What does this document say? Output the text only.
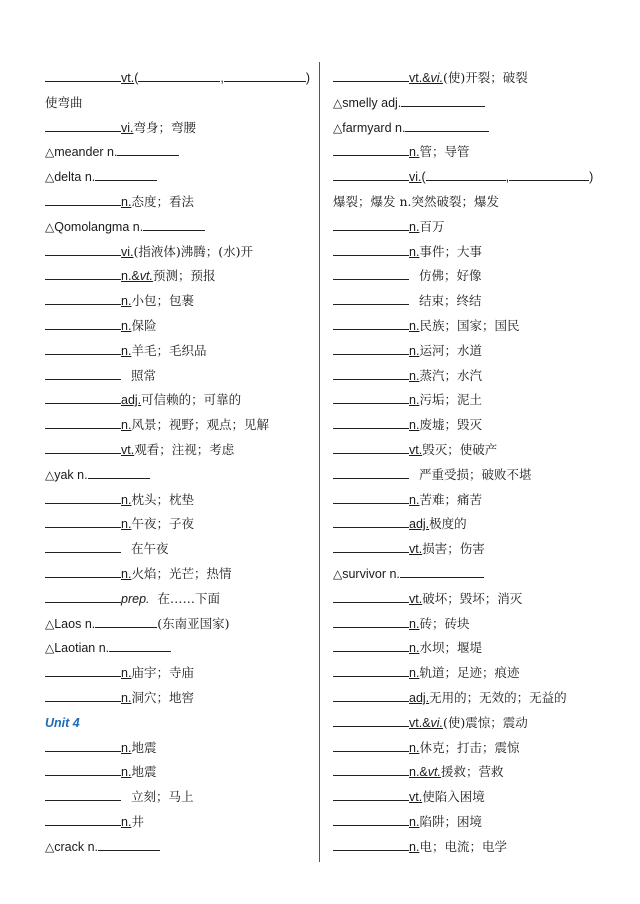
vt.(	,	)
使弯曲
vi.弯身；弯腰
△meander n.
△delta n.
n.态度；看法
△Qomolangma n.
vi.(指液体)沸腾；(水)开
n.&vt.预测；预报
n.小包；包裹
n.保险
n.羊毛；毛织品
照常
adj.可信赖的；可靠的
n.风景；视野；观点；见解
vt.观看；注视；考虑
△yak n.
n.枕头；枕垫
n.午夜；子夜
在午夜
n.火焰；光芒；热情
prep. 在……下面
△Laos n.	(东南亚国家)
△Laotian n.
n.庙宇；寺庙
n.洞穴；地窖
Unit 4
n.地震
n.地震
立刻；马上
n.井
△crack n.
vt.&vi.(使)开裂；破裂
△smelly adj.
△farmyard n.
n.管；导管
vi.(	,	)
爆裂；爆发 n.突然破裂；爆发
n.百万
n.事件；大事
仿佛；好像
结束；终结
n.民族；国家；国民
n.运河；水道
n.蒸汽；水汽
n.污垢；泥土
n.废墟；毁灭
vt.毁灭；使破产
严重受损；破败不堪
n.苦难；痛苦
adj.极度的
vt.损害；伤害
△survivor n.
vt.破坏；毁坏；消灭
n.砖；砖块
n.水坝；堰堤
n.轨道；足迹；痕迹
adj.无用的；无效的；无益的
vt.&vi.(使)震惊；震动
n.休克；打击；震惊
n.&vt.援救；营救
vt.使陷入困境
n.陷阱；困境
n.电；电流；电学
